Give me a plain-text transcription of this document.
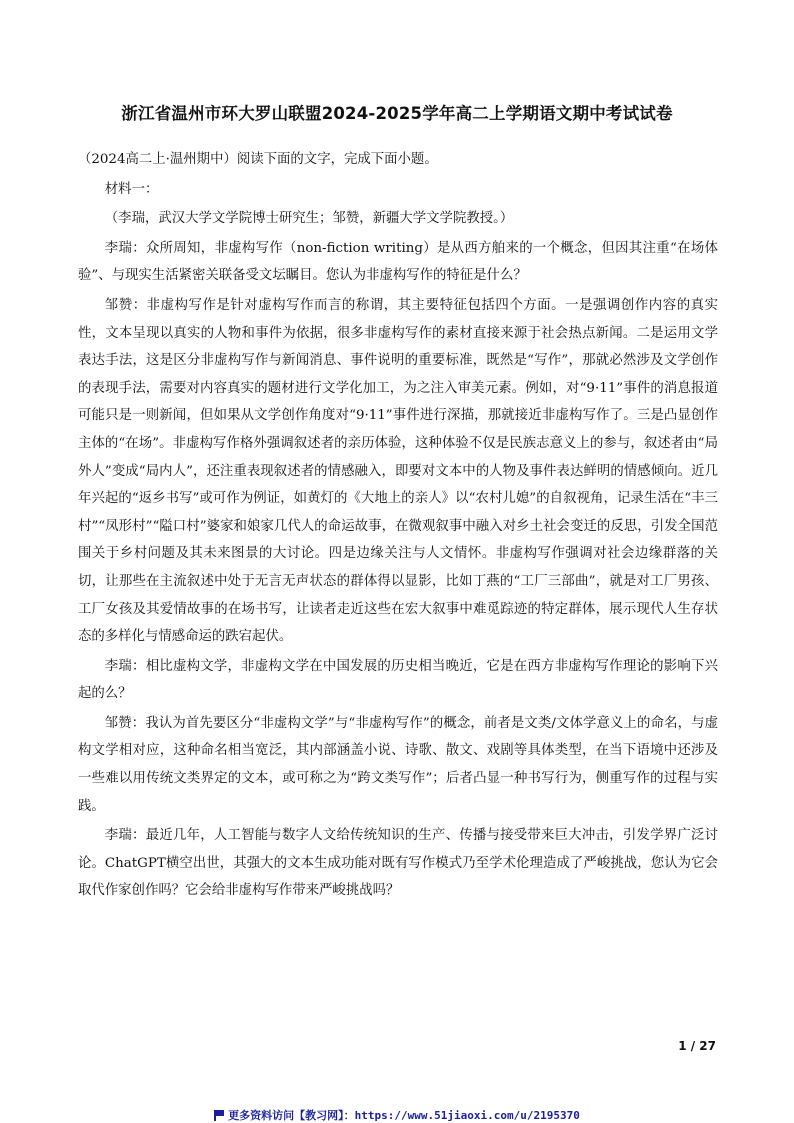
浙江省温州市环大罗山联盟2024-2025学年高二上学期语文期中考试试卷

（2024高二上·温州期中）阅读下面的文字，完成下面小题。

材料一：

（李瑞，武汉大学文学院博士研究生；邹赞，新疆大学文学院教授。）

李瑞：众所周知，非虚构写作（non-fiction writing）是从西方舶来的一个概念，但因其注重“在场体验”、与现实生活紧密关联备受文坛瞩目。您认为非虚构写作的特征是什么？

邹赞：非虚构写作是针对虚构写作而言的称谓，其主要特征包括四个方面。一是强调创作内容的真实性，文本呈现以真实的人物和事件为依据，很多非虚构写作的素材直接来源于社会热点新闻。二是运用文学表达手法，这是区分非虚构写作与新闻消息、事件说明的重要标准，既然是“写作”，那就必然涉及文学创作的表现手法，需要对内容真实的题材进行文学化加工，为之注入审美元素。例如，对“9·11”事件的消息报道可能只是一则新闻，但如果从文学创作角度对“9·11”事件进行深描，那就接近非虚构写作了。三是凸显创作主体的“在场”。非虚构写作格外强调叙述者的亲历体验，这种体验不仅是民族志意义上的参与，叙述者由“局外人”变成“局内人”，还注重表现叙述者的情感融入，即要对文本中的人物及事件表达鲜明的情感倾向。近几年兴起的“返乡书写”或可作为例证，如黄灯的《大地上的亲人》以“农村儿媳”的自叙视角，记录生活在“丰三村”“凤形村”“隘口村”婆家和娘家几代人的命运故事，在微观叙事中融入对乡土社会变迁的反思，引发全国范围关于乡村问题及其未来图景的大讨论。四是边缘关注与人文情怀。非虚构写作强调对社会边缘群落的关切，让那些在主流叙述中处于无言无声状态的群体得以显影，比如丁燕的“工厂三部曲”，就是对工厂男孩、工厂女孩及其爱情故事的在场书写，让读者走近这些在宏大叙事中难觅踪迹的特定群体，展示现代人生存状态的多样化与情感命运的跌宕起伏。

李瑞：相比虚构文学，非虚构文学在中国发展的历史相当晚近，它是在西方非虚构写作理论的影响下兴起的么？

邹赞：我认为首先要区分“非虚构文学”与“非虚构写作”的概念，前者是文类/文体学意义上的命名，与虚构文学相对应，这种命名相当宽泛，其内部涵盖小说、诗歌、散文、戏剧等具体类型，在当下语境中还涉及一些难以用传统文类界定的文本，或可称之为“跨文类写作”；后者凸显一种书写行为，侧重写作的过程与实践。

李瑞：最近几年，人工智能与数字人文给传统知识的生产、传播与接受带来巨大冲击，引发学界广泛讨论。ChatGPT横空出世，其强大的文本生成功能对既有写作模式乃至学术伦理造成了严峻挑战，您认为它会取代作家创作吗？它会给非虚构写作带来严峻挑战吗？

1 / 27
更多资料访问【教习网】：https://www.51jiaoxi.com/u/2195370
